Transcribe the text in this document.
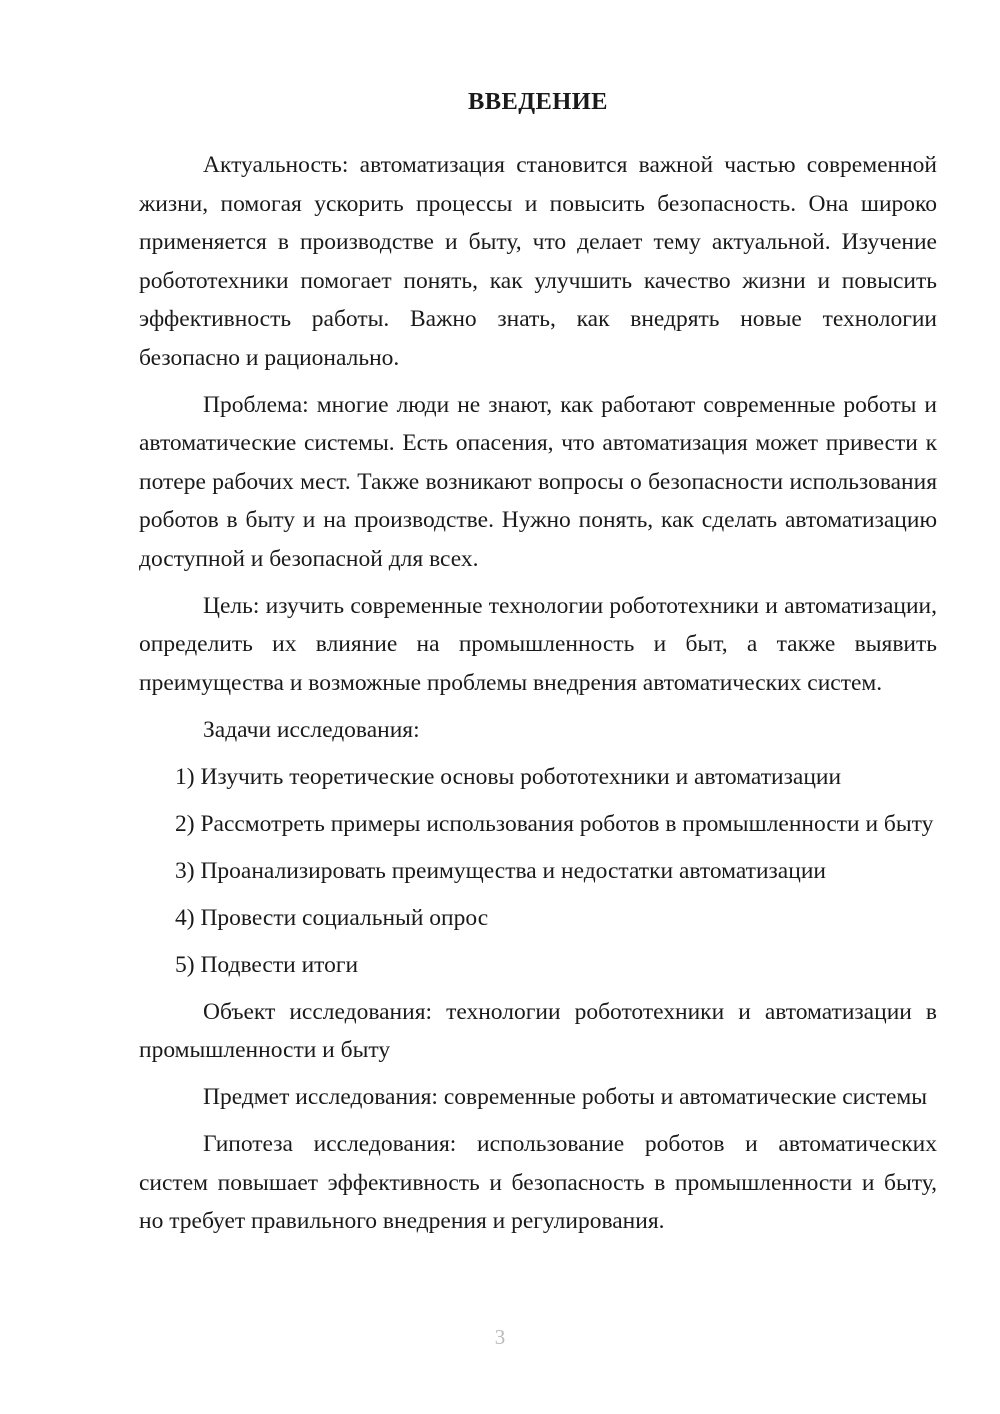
ВВЕДЕНИЕ

Актуальность: автоматизация становится важной частью современной жизни, помогая ускорить процессы и повысить безопасность. Она широко применяется в производстве и быту, что делает тему актуальной. Изучение робототехники помогает понять, как улучшить качество жизни и повысить эффективность работы. Важно знать, как внедрять новые технологии безопасно и рационально.

Проблема: многие люди не знают, как работают современные роботы и автоматические системы. Есть опасения, что автоматизация может привести к потере рабочих мест. Также возникают вопросы о безопасности использования роботов в быту и на производстве. Нужно понять, как сделать автоматизацию доступной и безопасной для всех.

Цель: изучить современные технологии робототехники и автоматизации, определить их влияние на промышленность и быт, а также выявить преимущества и возможные проблемы внедрения автоматических систем.

Задачи исследования:

1) Изучить теоретические основы робототехники и автоматизации

2) Рассмотреть примеры использования роботов в промышленности и быту

3) Проанализировать преимущества и недостатки автоматизации

4) Провести социальный опрос

5) Подвести итоги

Объект исследования: технологии робототехники и автоматизации в промышленности и быту

Предмет исследования: современные роботы и автоматические системы

Гипотеза исследования: использование роботов и автоматических систем повышает эффективность и безопасность в промышленности и быту, но требует правильного внедрения и регулирования.

3
